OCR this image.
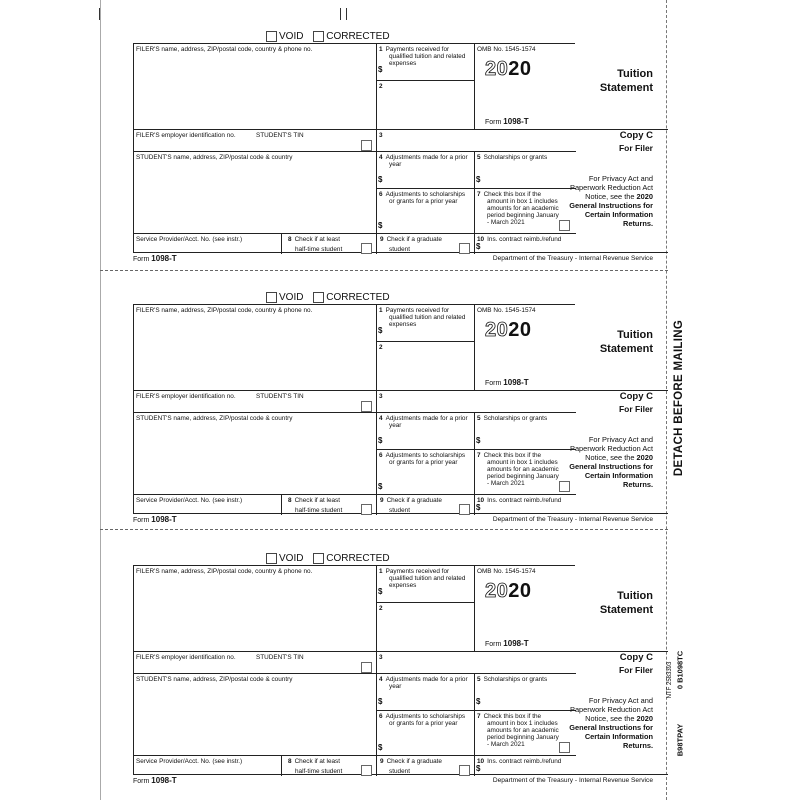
VOID
CORRECTED
FILER'S name, address, ZIP/postal code, country & phone no.	1 Payments received for qualified tuition and related expenses
$
2
OMB No. 1545-1574
2020
Form 1098-T
FILER'S employer identification no.	STUDENT'S TIN	3
STUDENT'S name, address, ZIP/postal code & country	4 Adjustments made for a prior year
$
5 Scholarships or grants
$
6 Adjustments to scholarships or grants for a prior year
$
7 Check this box if the amount in box 1 includes amounts for an academic period beginning January - March 2021
Service Provider/Acct. No. (see instr.)	8 Check if at least
half-time student
9 Check if a graduate
student
10 Ins. contract reimb./refund
$
Tuition
Statement
Copy C
For Filer
For Privacy Act and Paperwork Reduction Act Notice, see the 2020 General Instructions for Certain Information Returns.
Form 1098-T	Department of the Treasury - Internal Revenue Service
VOID
CORRECTED
FILER'S name, address, ZIP/postal code, country & phone no.	1 Payments received for qualified tuition and related expenses
$
2
OMB No. 1545-1574
2020
Form 1098-T
FILER'S employer identification no.	STUDENT'S TIN	3
STUDENT'S name, address, ZIP/postal code & country	4 Adjustments made for a prior year
$
5 Scholarships or grants
$
6 Adjustments to scholarships or grants for a prior year
$
7 Check this box if the amount in box 1 includes amounts for an academic period beginning January - March 2021
Service Provider/Acct. No. (see instr.)	8 Check if at least
half-time student
9 Check if a graduate
student
10 Ins. contract reimb./refund
$
Tuition
Statement
Copy C
For Filer
For Privacy Act and Paperwork Reduction Act Notice, see the 2020 General Instructions for Certain Information Returns.
Form 1098-T	Department of the Treasury - Internal Revenue Service
VOID
CORRECTED
FILER'S name, address, ZIP/postal code, country & phone no.	1 Payments received for qualified tuition and related expenses
$
2
OMB No. 1545-1574
2020
Form 1098-T
FILER'S employer identification no.	STUDENT'S TIN	3
STUDENT'S name, address, ZIP/postal code & country	4 Adjustments made for a prior year
$
5 Scholarships or grants
$
6 Adjustments to scholarships or grants for a prior year
$
7 Check this box if the amount in box 1 includes amounts for an academic period beginning January - March 2021
Service Provider/Acct. No. (see instr.)	8 Check if at least
half-time student
9 Check if a graduate
student
10 Ins. contract reimb./refund
$
Tuition
Statement
Copy C
For Filer
For Privacy Act and Paperwork Reduction Act Notice, see the 2020 General Instructions for Certain Information Returns.
Form 1098-T	Department of the Treasury - Internal Revenue Service
DETACH BEFORE MAILING
0 B1098TC
NTF 2583393
B98TPAY
